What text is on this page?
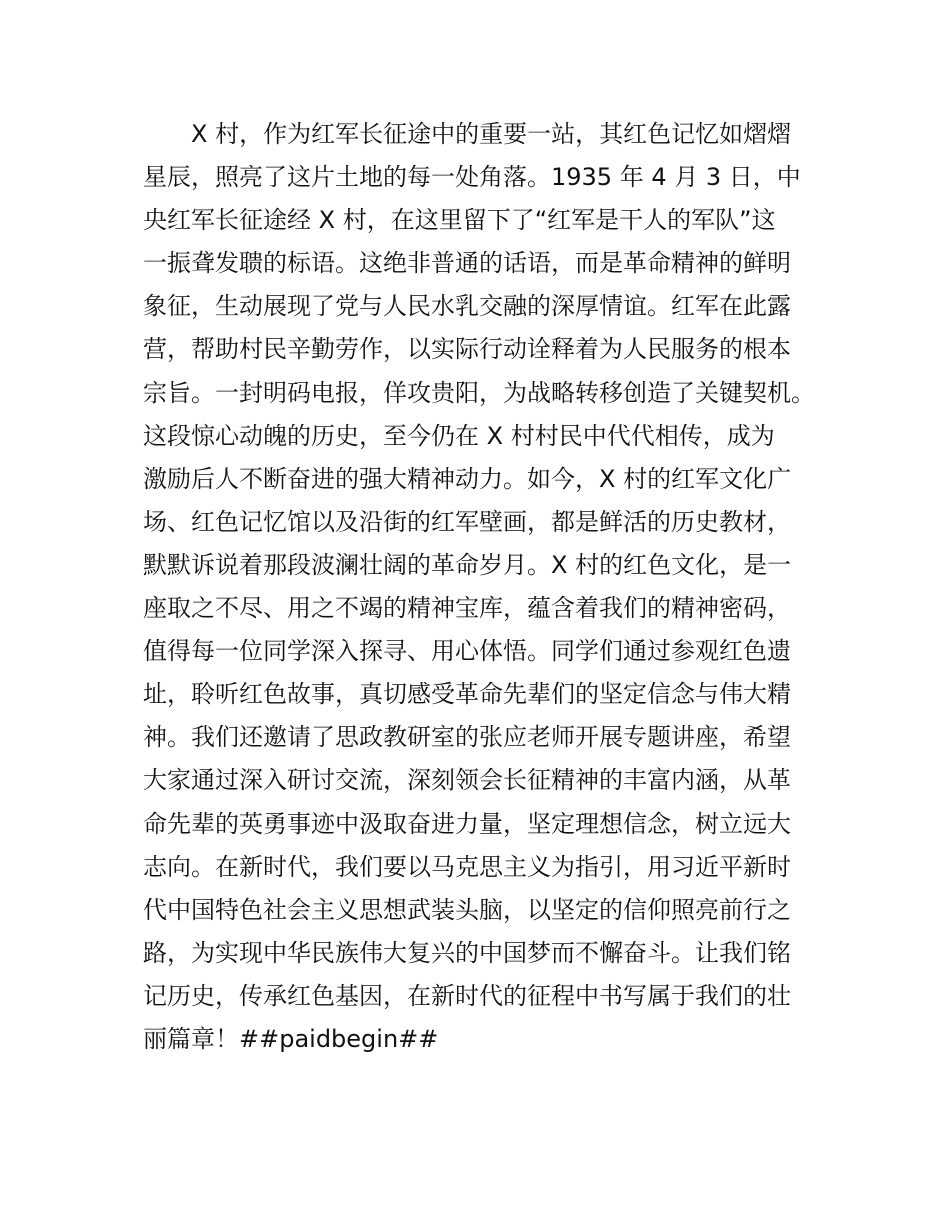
X 村，作为红军长征途中的重要一站，其红色记忆如熠熠
星辰，照亮了这片土地的每一处角落。1935 年 4 月 3 日，中
央红军长征途经 X 村，在这里留下了“红军是干人的军队”这
一振聋发聩的标语。这绝非普通的话语，而是革命精神的鲜明
象征，生动展现了党与人民水乳交融的深厚情谊。红军在此露
营，帮助村民辛勤劳作，以实际行动诠释着为人民服务的根本
宗旨。一封明码电报，佯攻贵阳，为战略转移创造了关键契机。
这段惊心动魄的历史，至今仍在 X 村村民中代代相传，成为
激励后人不断奋进的强大精神动力。如今，X 村的红军文化广
场、红色记忆馆以及沿街的红军壁画，都是鲜活的历史教材，
默默诉说着那段波澜壮阔的革命岁月。X 村的红色文化，是一
座取之不尽、用之不竭的精神宝库，蕴含着我们的精神密码，
值得每一位同学深入探寻、用心体悟。同学们通过参观红色遗
址，聆听红色故事，真切感受革命先辈们的坚定信念与伟大精
神。我们还邀请了思政教研室的张应老师开展专题讲座，希望
大家通过深入研讨交流，深刻领会长征精神的丰富内涵，从革
命先辈的英勇事迹中汲取奋进力量，坚定理想信念，树立远大
志向。在新时代，我们要以马克思主义为指引，用习近平新时
代中国特色社会主义思想武装头脑，以坚定的信仰照亮前行之
路，为实现中华民族伟大复兴的中国梦而不懈奋斗。让我们铭
记历史，传承红色基因，在新时代的征程中书写属于我们的壮
丽篇章！##paidbegin##
